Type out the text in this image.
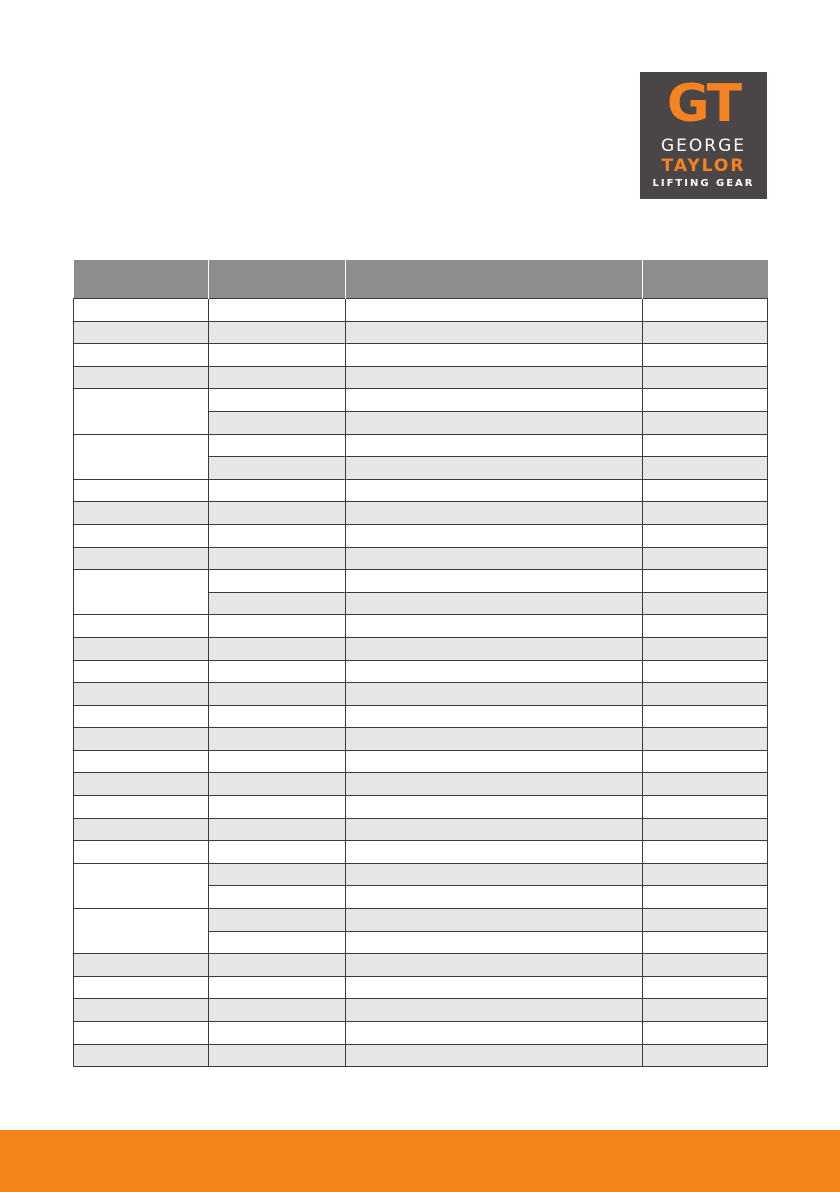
GT
GEORGE
TAYLOR
LIFTING GEAR
